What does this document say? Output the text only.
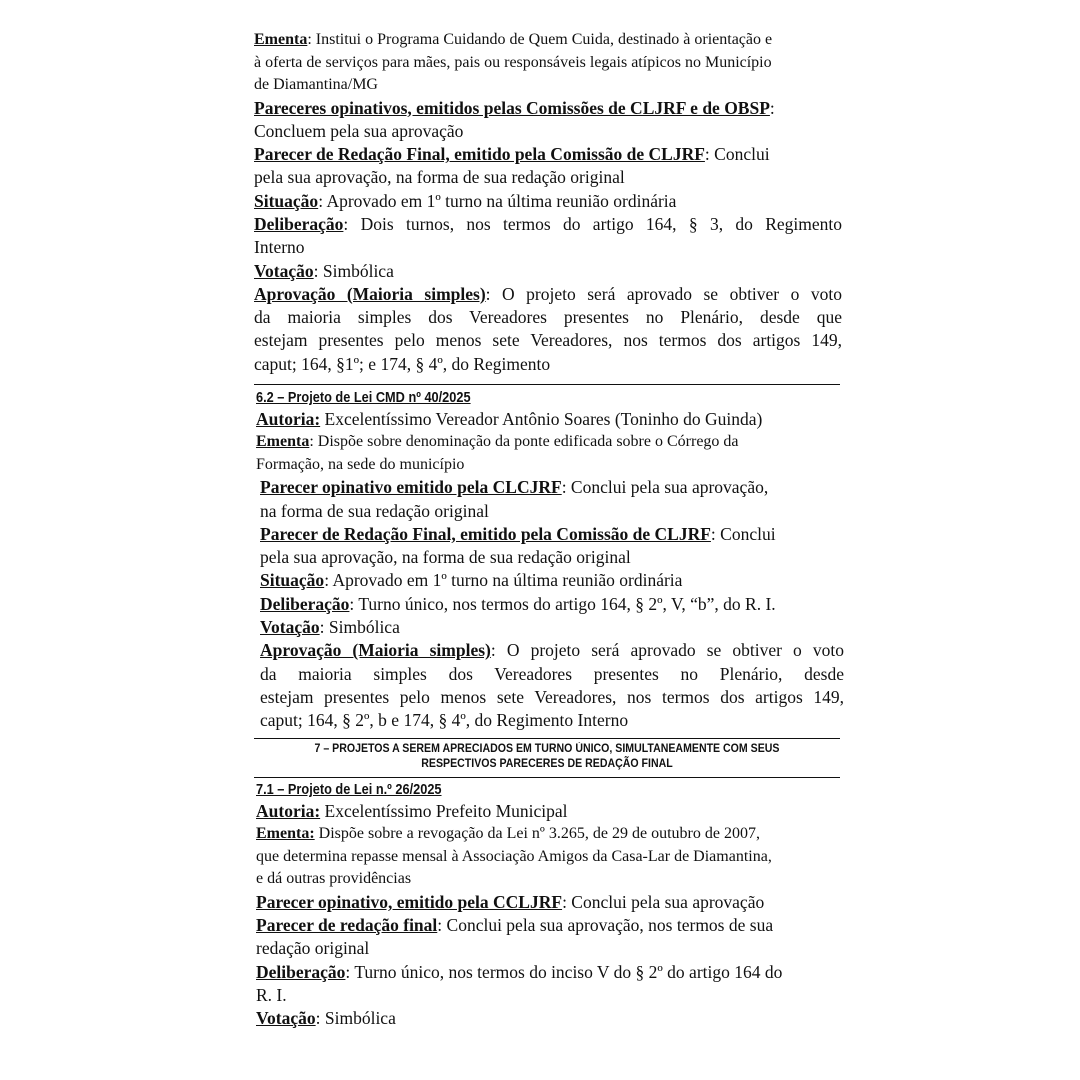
Ementa: Institui o Programa Cuidando de Quem Cuida, destinado à orientação e

à oferta de serviços para mães, pais ou responsáveis legais atípicos no Município

de Diamantina/MG

Pareceres opinativos, emitidos pelas Comissões de CLJRF e de OBSP:

Concluem pela sua aprovação

Parecer de Redação Final, emitido pela Comissão de CLJRF: Conclui

pela sua aprovação, na forma de sua redação original

Situação: Aprovado em 1º turno na última reunião ordinária

Deliberação: Dois turnos, nos termos do artigo 164, § 3, do Regimento

Interno

Votação: Simbólica

Aprovação (Maioria simples): O projeto será aprovado se obtiver o voto

da maioria simples dos Vereadores presentes no Plenário, desde que

estejam presentes pelo menos sete Vereadores, nos termos dos artigos 149,

caput; 164, §1º; e 174, § 4º, do Regimento

6.2 – Projeto de Lei CMD nº 40/2025

Autoria: Excelentíssimo Vereador Antônio Soares (Toninho do Guinda)

Ementa: Dispõe sobre denominação da ponte edificada sobre o Córrego da

Formação, na sede do município

Parecer opinativo emitido pela CLCJRF: Conclui pela sua aprovação,

na forma de sua redação original

Parecer de Redação Final, emitido pela Comissão de CLJRF: Conclui

pela sua aprovação, na forma de sua redação original

Situação: Aprovado em 1º turno na última reunião ordinária

Deliberação: Turno único, nos termos do artigo 164, § 2º, V, “b”, do R. I.

Votação: Simbólica

Aprovação (Maioria simples): O projeto será aprovado se obtiver o voto

da maioria simples dos Vereadores presentes no Plenário, desde

estejam presentes pelo menos sete Vereadores, nos termos dos artigos 149,

caput; 164, § 2º, b e 174, § 4º, do Regimento Interno

7 – PROJETOS A SEREM APRECIADOS EM TURNO ÚNICO, SIMULTANEAMENTE COM SEUS
RESPECTIVOS PARECERES DE REDAÇÃO FINAL

7.1 – Projeto de Lei n.º 26/2025

Autoria: Excelentíssimo Prefeito Municipal

Ementa: Dispõe sobre a revogação da Lei nº 3.265, de 29 de outubro de 2007,

que determina repasse mensal à Associação Amigos da Casa-Lar de Diamantina,

e dá outras providências

Parecer opinativo, emitido pela CCLJRF: Conclui pela sua aprovação

Parecer de redação final: Conclui pela sua aprovação, nos termos de sua

redação original

Deliberação: Turno único, nos termos do inciso V do § 2º do artigo 164 do

R. I.

Votação: Simbólica
